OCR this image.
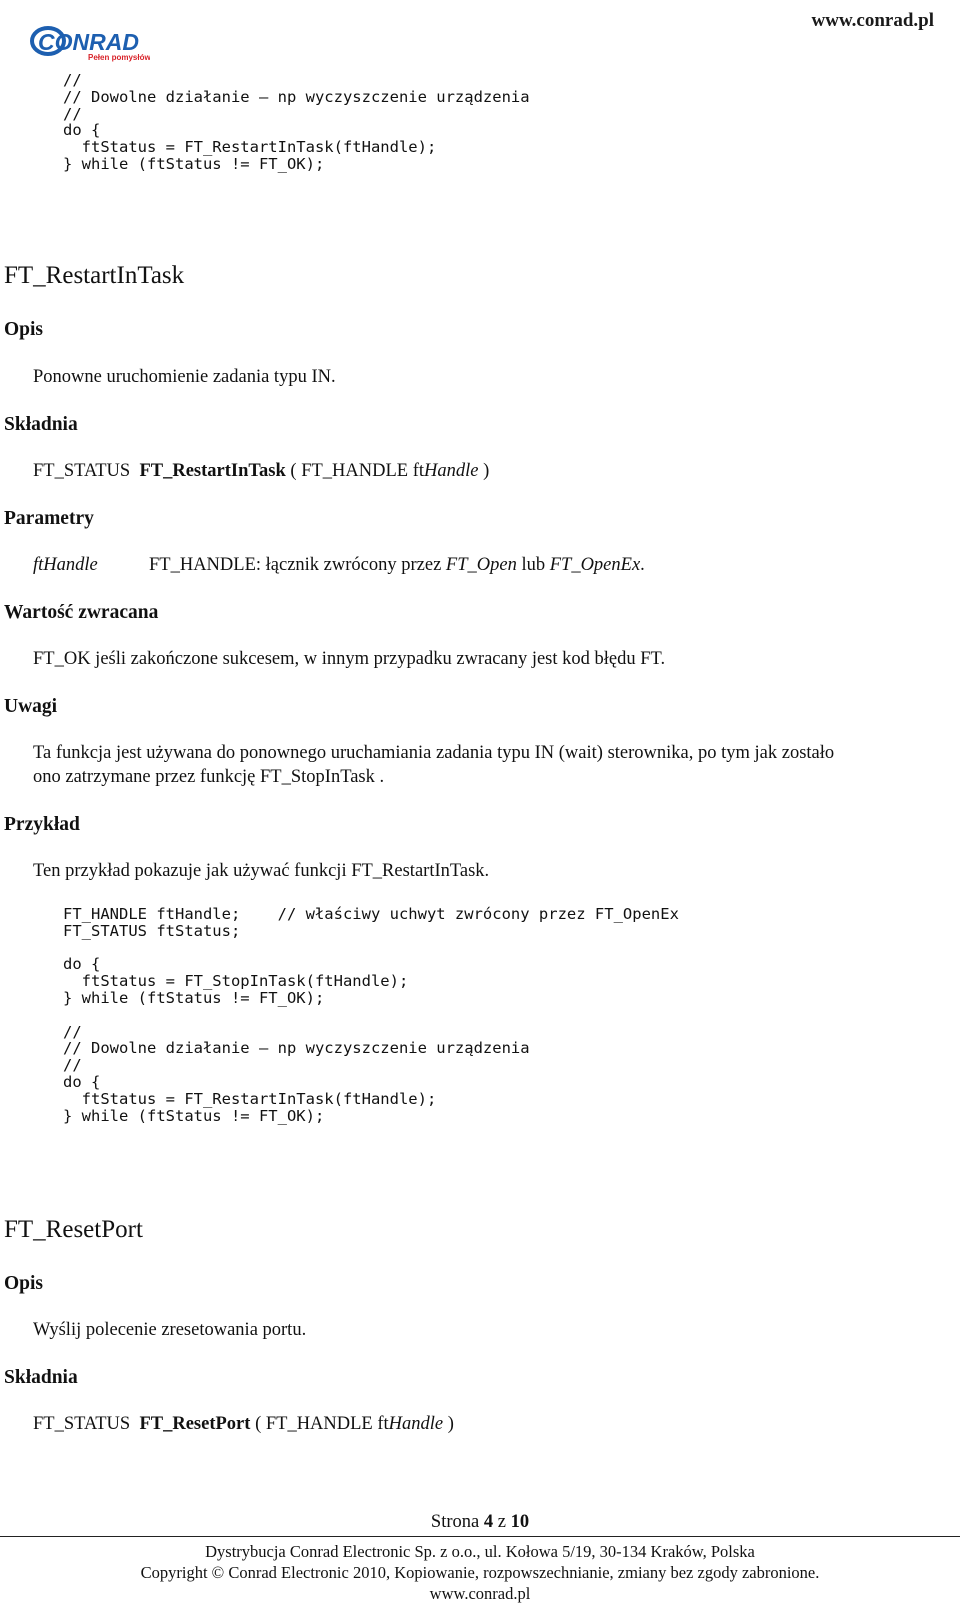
CONRAD
Pełen pomysłów

www.conrad.pl
//
// Dowolne działanie – np wyczyszczenie urządzenia
//
do {
ftStatus = FT_RestartInTask(ftHandle);
} while (ftStatus != FT_OK);
FT_RestartInTask
Opis
Ponowne uruchomienie zadania typu IN.
Składnia
FT_STATUS FT_RestartInTask ( FT_HANDLE ftHandle )
Parametry
ftHandle	FT_HANDLE: łącznik zwrócony przez FT_Open lub FT_OpenEx.
Wartość zwracana
FT_OK jeśli zakończone sukcesem, w innym przypadku zwracany jest kod błędu FT.
Uwagi
Ta funkcja jest używana do ponownego uruchamiania zadania typu IN (wait) sterownika, po tym jak zostało
ono zatrzymane przez funkcję FT_StopInTask .
Przykład
Ten przykład pokazuje jak używać funkcji FT_RestartInTask.
FT_HANDLE ftHandle;    // właściwy uchwyt zwrócony przez FT_OpenEx
FT_STATUS ftStatus;

do {
ftStatus = FT_StopInTask(ftHandle);
} while (ftStatus != FT_OK);

//
// Dowolne działanie – np wyczyszczenie urządzenia
//
do {
ftStatus = FT_RestartInTask(ftHandle);
} while (ftStatus != FT_OK);
FT_ResetPort
Opis
Wyślij polecenie zresetowania portu.
Składnia
FT_STATUS FT_ResetPort ( FT_HANDLE ftHandle )
Strona 4 z 10
Dystrybucja Conrad Electronic Sp. z o.o., ul. Kołowa 5/19, 30-134 Kraków, Polska
Copyright © Conrad Electronic 2010, Kopiowanie, rozpowszechnianie, zmiany bez zgody zabronione.
www.conrad.pl
